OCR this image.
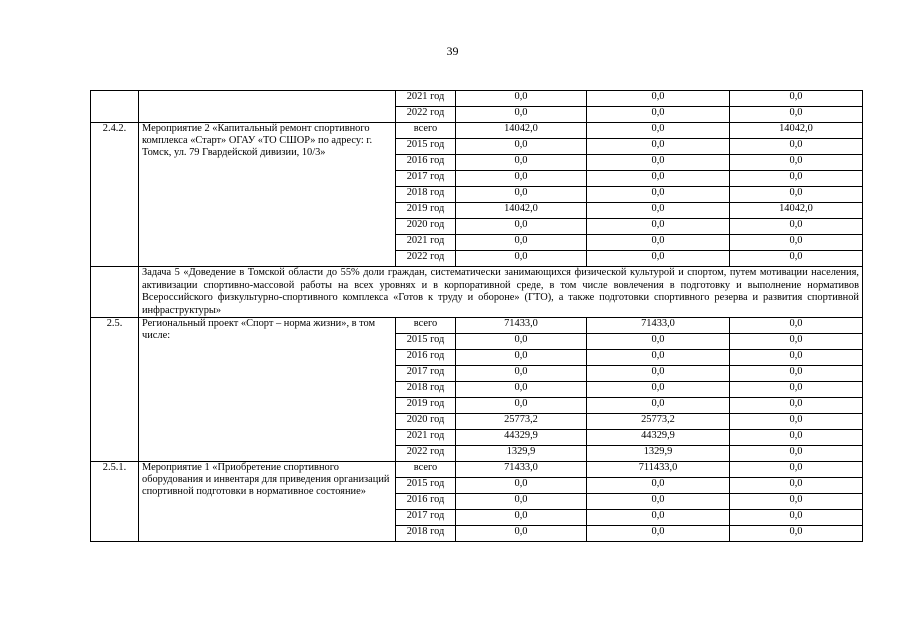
39
		2021 год	0,0	0,0	0,0
		2022 год	0,0	0,0	0,0
2.4.2.	Мероприятие 2 «Капитальный ремонт спортивного комплекса «Старт» ОГАУ «ТО СШОР» по адресу: г. Томск, ул. 79 Гвардейской дивизии, 10/3»	всего	14042,0	0,0	14042,0
		2015 год	0,0	0,0	0,0
		2016 год	0,0	0,0	0,0
		2017 год	0,0	0,0	0,0
		2018 год	0,0	0,0	0,0
		2019 год	14042,0	0,0	14042,0
		2020 год	0,0	0,0	0,0
		2021 год	0,0	0,0	0,0
		2022 год	0,0	0,0	0,0
	Задача 5 «Доведение в Томской области до 55% доли граждан, систематически занимающихся физической культурой и спортом, путем мотивации населения, активизации спортивно-массовой работы на всех уровнях и в корпоративной среде, в том числе вовлечения в подготовку и выполнение нормативов Всероссийского физкультурно-спортивного комплекса «Готов к труду и обороне» (ГТО), а также подготовки спортивного резерва и развития спортивной инфраструктуры»				
2.5.	Региональный проект «Спорт – норма жизни», в том числе:	всего	71433,0	71433,0	0,0
		2015 год	0,0	0,0	0,0
		2016 год	0,0	0,0	0,0
		2017 год	0,0	0,0	0,0
		2018 год	0,0	0,0	0,0
		2019 год	0,0	0,0	0,0
		2020 год	25773,2	25773,2	0,0
		2021 год	44329,9	44329,9	0,0
		2022 год	1329,9	1329,9	0,0
2.5.1.	Мероприятие 1 «Приобретение спортивного оборудования и инвентаря для приведения организаций спортивной подготовки в нормативное состояние»	всего	71433,0	711433,0	0,0
		2015 год	0,0	0,0	0,0
		2016 год	0,0	0,0	0,0
		2017 год	0,0	0,0	0,0
		2018 год	0,0	0,0	0,0
